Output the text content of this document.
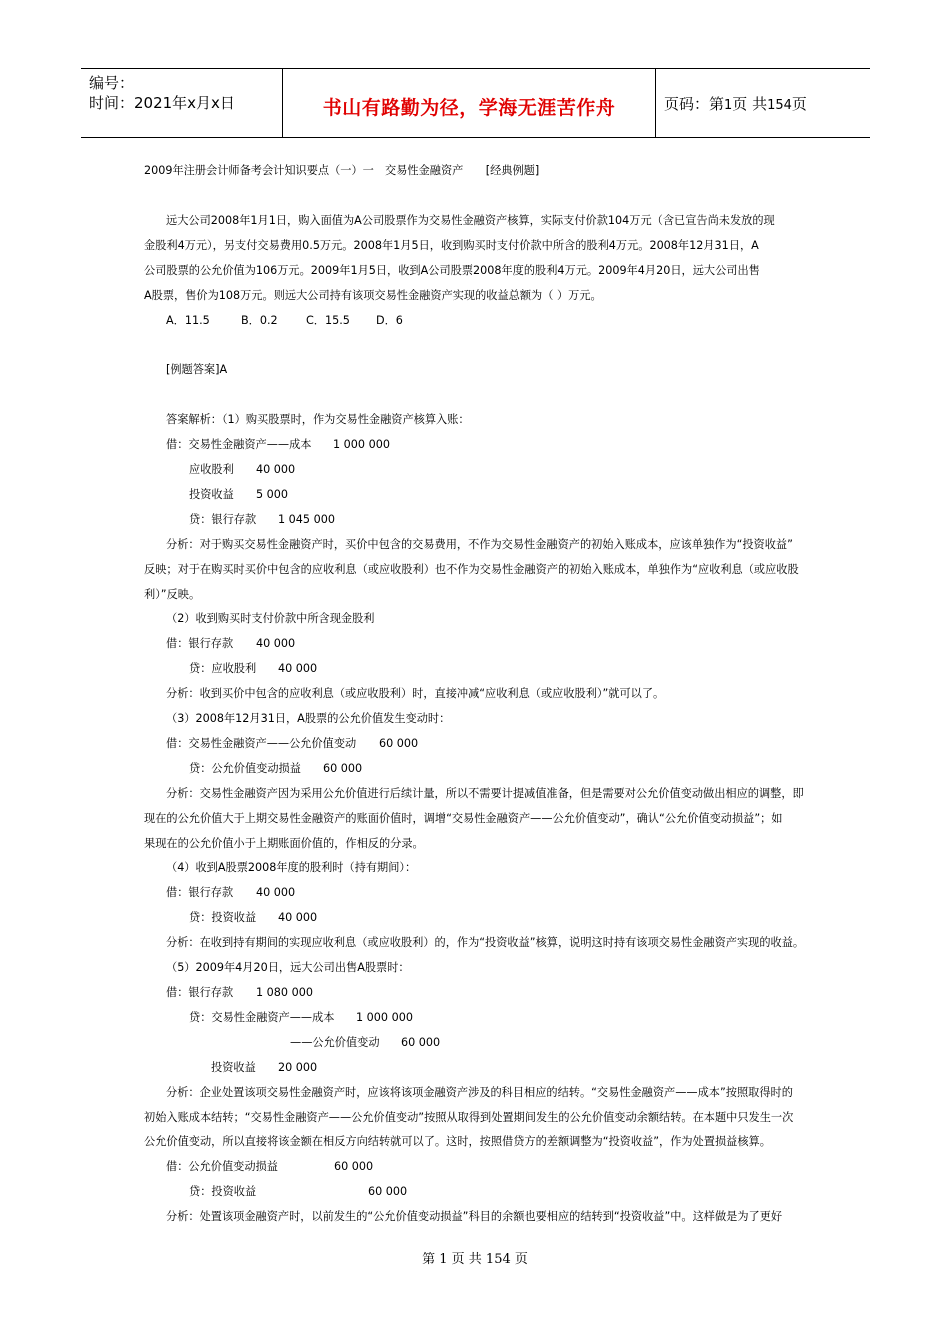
编号：
时间：2021年x月x日	书山有路勤为径，学海无涯苦作舟	页码：第1页 共154页
2009年注册会计师备考会计知识要点（一）一　交易性金融资产　　[经典例题]
远大公司2008年1月1日，购入面值为A公司股票作为交易性金融资产核算，实际支付价款104万元（含已宣告尚未发放的现
金股利4万元），另支付交易费用0.5万元。2008年1月5日，收到购买时支付价款中所含的股利4万元。2008年12月31日，A
公司股票的公允价值为106万元。2009年1月5日，收到A公司股票2008年度的股利4万元。2009年4月20日，远大公司出售
A股票，售价为108万元。则远大公司持有该项交易性金融资产实现的收益总额为（ ）万元。
A．11.5	B．0.2	C．15.5 D．6
[例题答案]A
答案解析：（1）购买股票时，作为交易性金融资产核算入账：
借：交易性金融资产——成本 1 000 000
应收股利 40 000
投资收益 5 000
贷：银行存款 1 045 000
分析：对于购买交易性金融资产时，买价中包含的交易费用，不作为交易性金融资产的初始入账成本，应该单独作为“投资收益”
反映；对于在购买时买价中包含的应收利息（或应收股利）也不作为交易性金融资产的初始入账成本，单独作为“应收利息（或应收股
利）”反映。
（2）收到购买时支付价款中所含现金股利
借：银行存款 40 000
贷：应收股利 40 000
分析：收到买价中包含的应收利息（或应收股利）时，直接冲减“应收利息（或应收股利）”就可以了。
（3）2008年12月31日，A股票的公允价值发生变动时：
借：交易性金融资产——公允价值变动 60 000
贷：公允价值变动损益 60 000
分析：交易性金融资产因为采用公允价值进行后续计量，所以不需要计提减值准备，但是需要对公允价值变动做出相应的调整，即
现在的公允价值大于上期交易性金融资产的账面价值时，调增“交易性金融资产——公允价值变动”，确认“公允价值变动损益”；如
果现在的公允价值小于上期账面价值的，作相反的分录。
（4）收到A股票2008年度的股利时（持有期间）：
借：银行存款 40 000
贷：投资收益 40 000
分析：在收到持有期间的实现应收利息（或应收股利）的，作为“投资收益”核算，说明这时持有该项交易性金融资产实现的收益。
（5）2009年4月20日，远大公司出售A股票时：
借：银行存款 1 080 000
贷：交易性金融资产——成本 1 000 000
——公允价值变动 60 000
投资收益 20 000
分析：企业处置该项交易性金融资产时，应该将该项金融资产涉及的科目相应的结转。“交易性金融资产——成本”按照取得时的
初始入账成本结转；“交易性金融资产——公允价值变动”按照从取得到处置期间发生的公允价值变动余额结转。在本题中只发生一次
公允价值变动，所以直接将该金额在相反方向结转就可以了。这时，按照借贷方的差额调整为“投资收益”，作为处置损益核算。
借：公允价值变动损益	60 000
贷：投资收益	60 000
分析：处置该项金融资产时，以前发生的“公允价值变动损益”科目的余额也要相应的结转到“投资收益”中。这样做是为了更好
第 1 页 共 154 页
